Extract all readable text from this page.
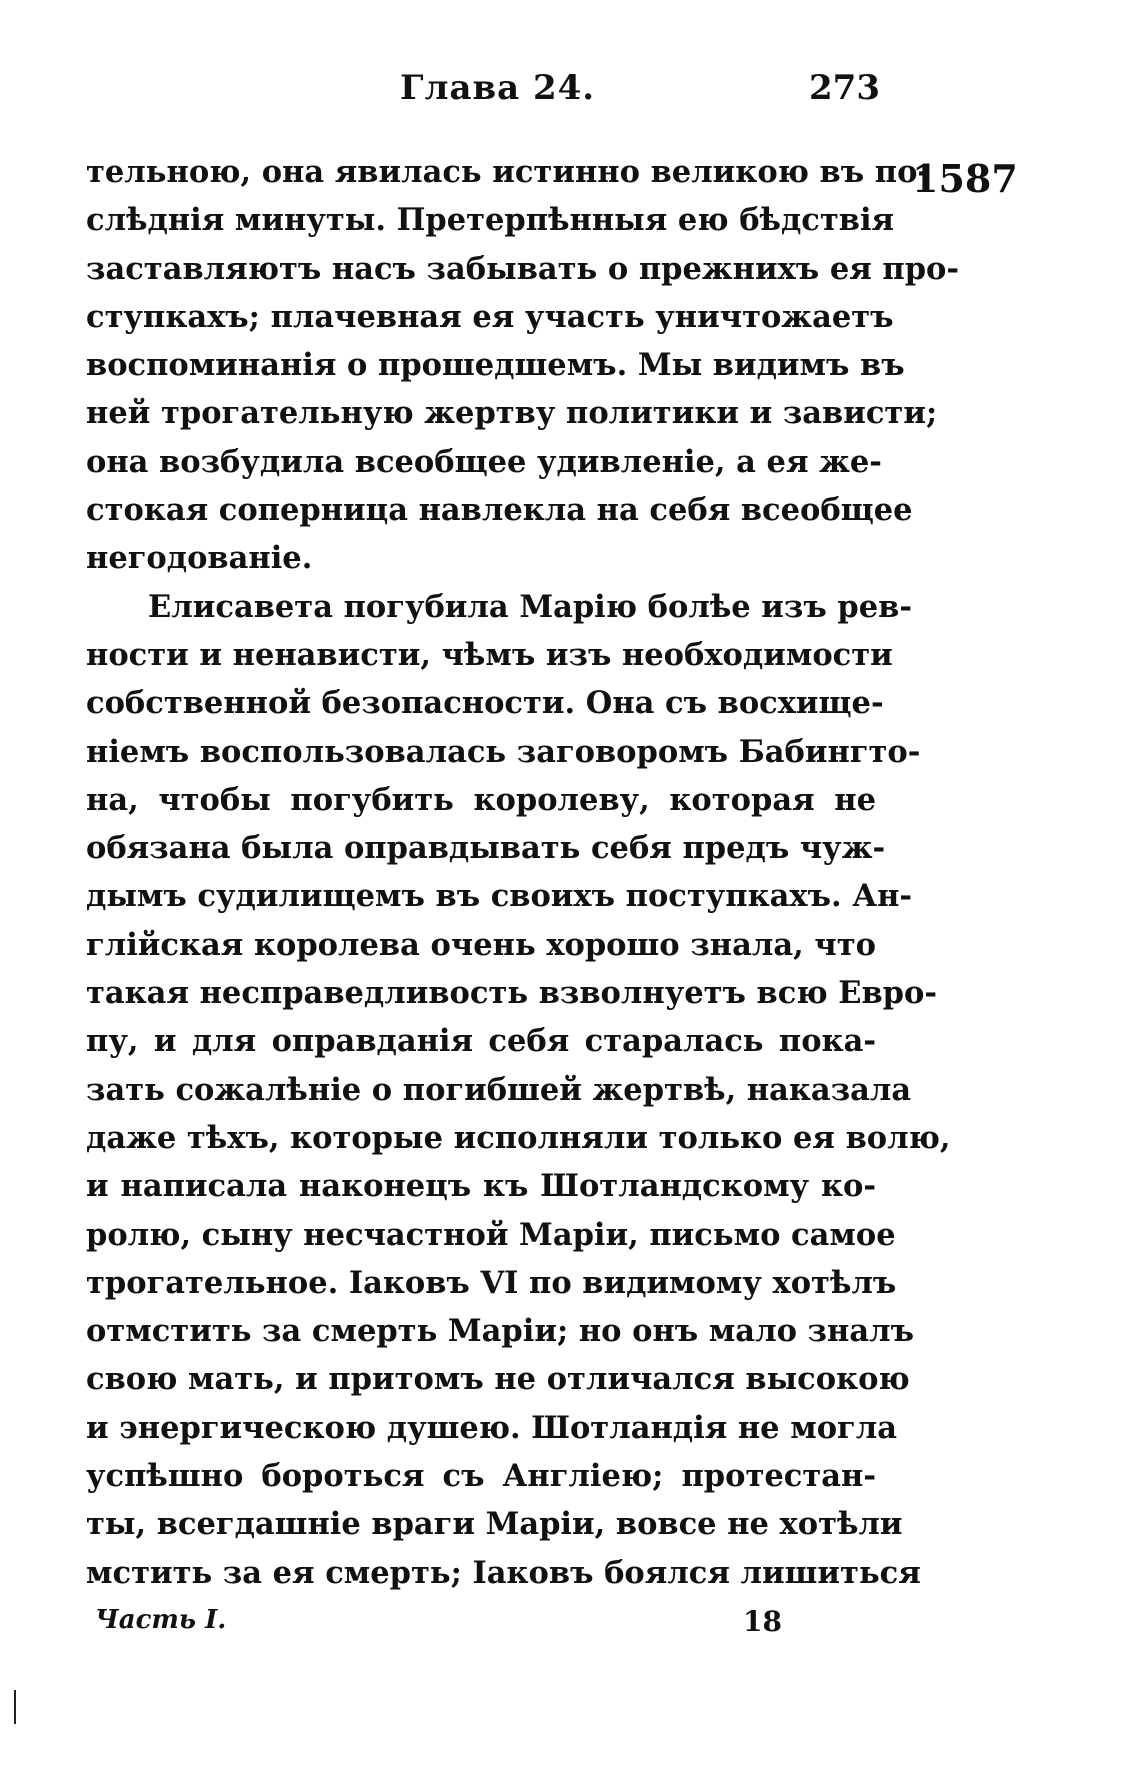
Глава 24.	273
1587
тельною, она явилась истинно великою въ по-
слѣднія минуты. Претерпѣнныя ею бѣдствія
заставляютъ насъ забывать о прежнихъ ея про-
ступкахъ; плачевная ея участь уничтожаетъ
воспоминанія о прошедшемъ. Мы видимъ въ
ней трогательную жертву политики и зависти;
она возбудила всеобщее удивленіе, а ея же-
стокая соперница навлекла на себя всеобщее
негодованіе.
Елисавета погубила Марію болѣе изъ рев-
ности и ненависти, чѣмъ изъ необходимости
собственной безопасности. Она съ восхище-
ніемъ воспользовалась заговоромъ Бабингто-
на, чтобы погубить королеву, которая не
обязана была оправдывать себя предъ чуж-
дымъ судилищемъ въ своихъ поступкахъ. Ан-
глійская королева очень хорошо знала, что
такая несправедливость взволнуетъ всю Евро-
пу, и для оправданія себя старалась пока-
зать сожалѣніе о погибшей жертвѣ, наказала
даже тѣхъ, которые исполняли только ея волю,
и написала наконецъ къ Шотландскому ко-
ролю, сыну несчастной Маріи, письмо самое
трогательное. Іаковъ VI по видимому хотѣлъ
отмстить за смерть Маріи; но онъ мало зналъ
свою мать, и притомъ не отличался высокою
и энергическою душею. Шотландія не могла
успѣшно бороться съ Англіею; протестан-
ты, всегдашніе враги Маріи, вовсе не хотѣли
мстить за ея смерть; Іаковъ боялся лишиться
Часть I.	18
